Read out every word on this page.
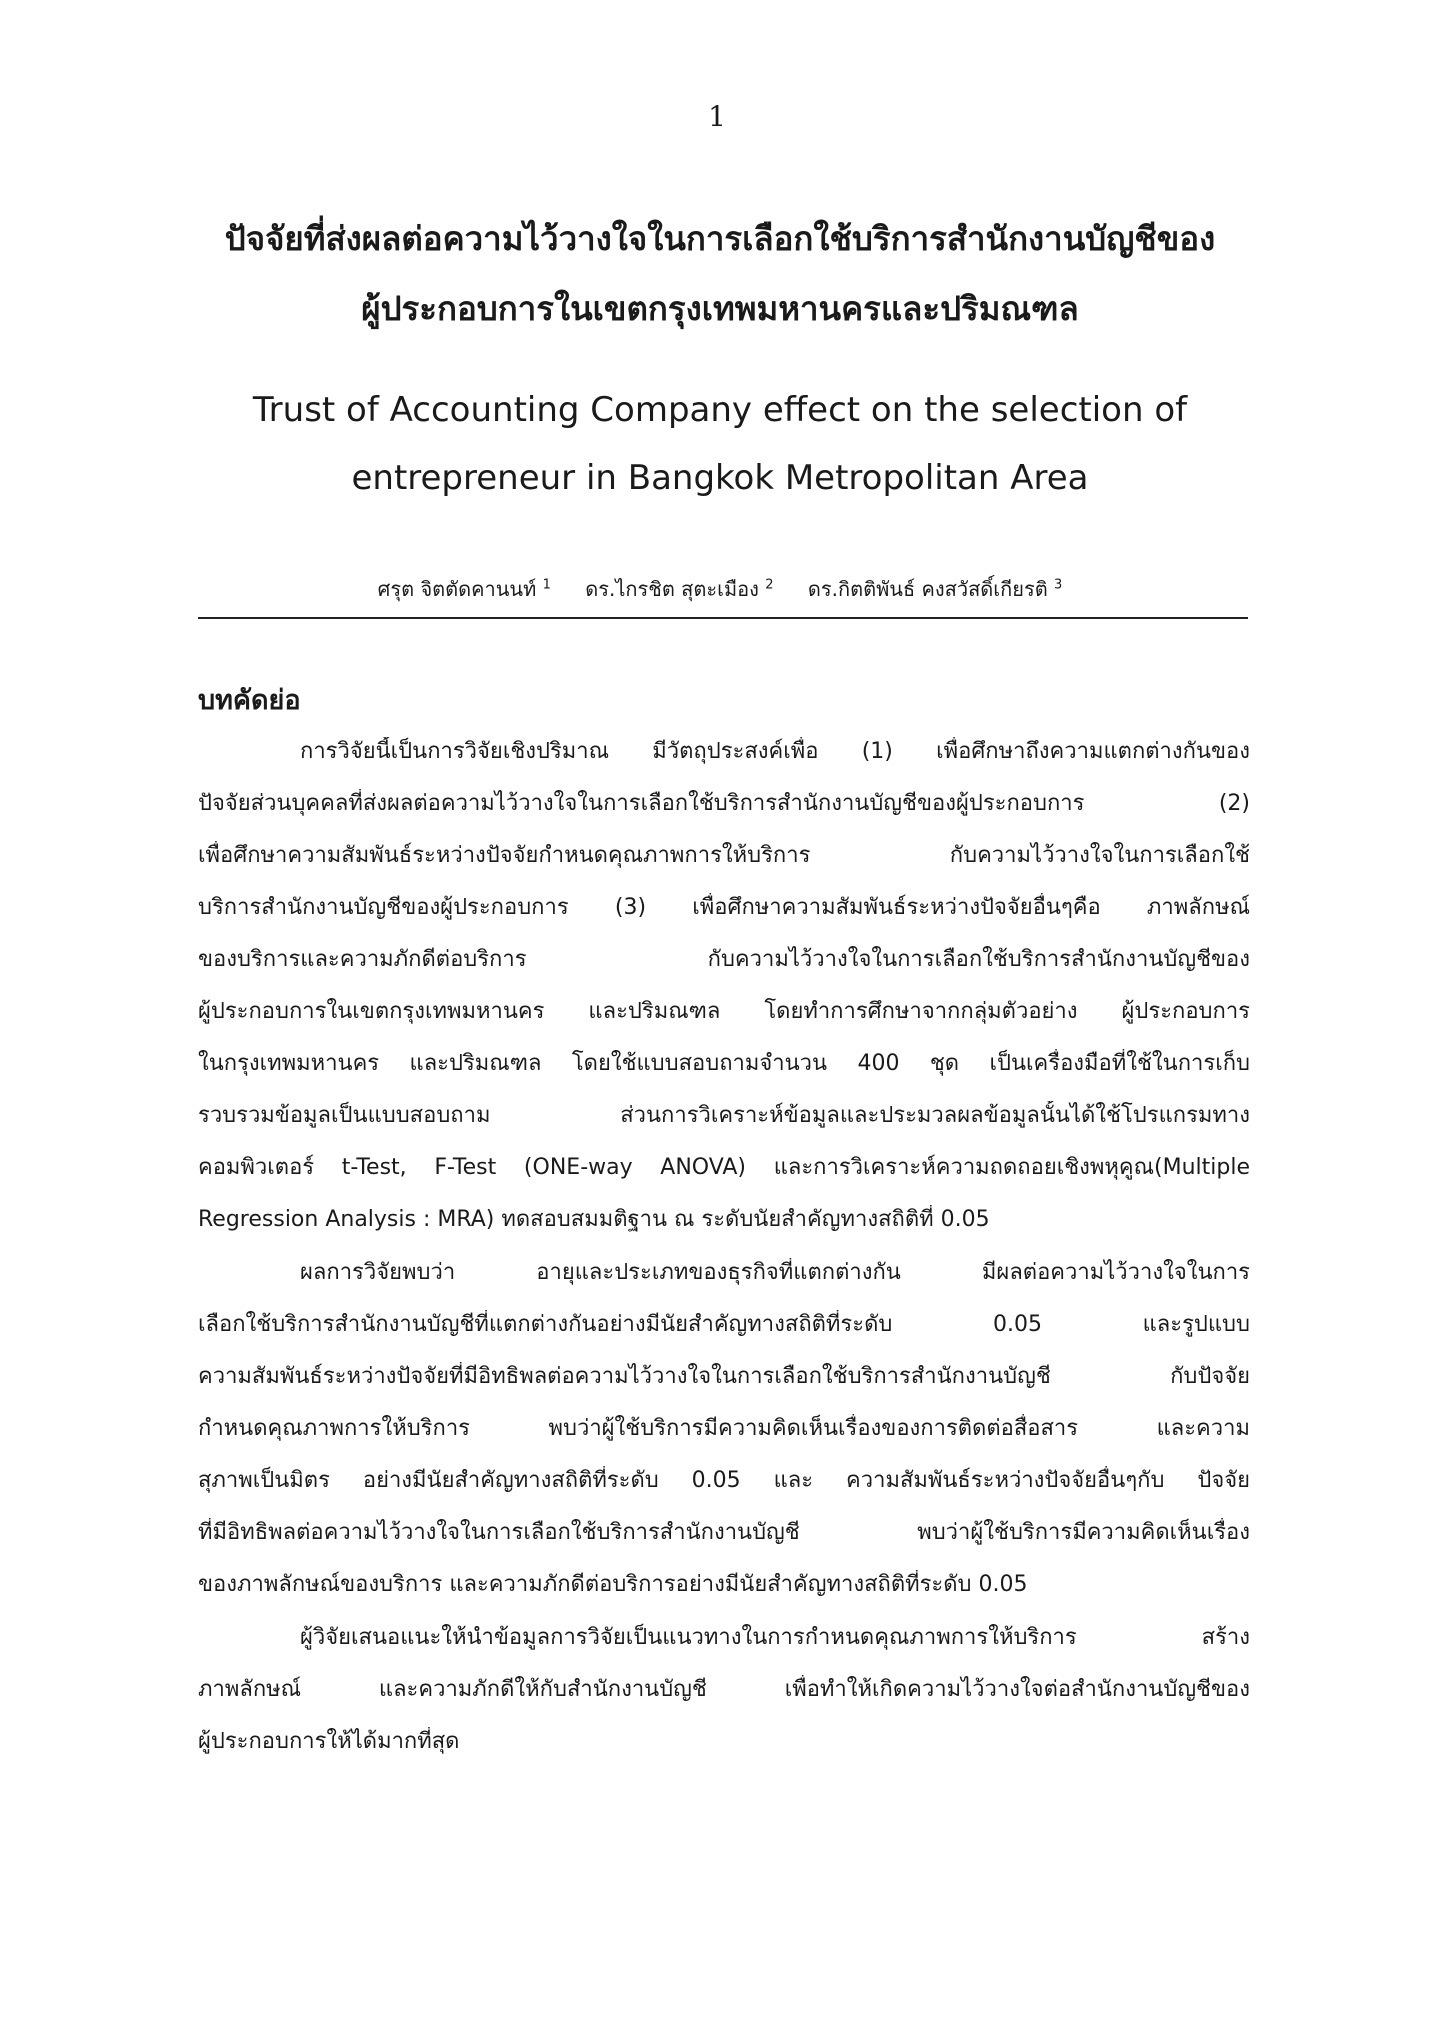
1
ปัจจัยที่ส่งผลต่อความไว้วางใจในการเลือกใช้บริการสำนักงานบัญชีของ
ผู้ประกอบการในเขตกรุงเทพมหานครและปริมณฑล
Trust of Accounting Company effect on the selection of
entrepreneur in Bangkok Metropolitan Area
ศรุต จิตตัดคานนท์ $^1$ ดร.ไกรชิต สุตะเมือง $^2$ ดร.กิตติพันธ์ คงสวัสดิ์เกียรติ $^3$
บทคัดย่อ
การวิจัยนี้เป็นการวิจัยเชิงปริมาณ มีวัตถุประสงค์เพื่อ (1) เพื่อศึกษาถึงความแตกต่างกันของ
ปัจจัยส่วนบุคคลที่ส่งผลต่อความไว้วางใจในการเลือกใช้บริการสำนักงานบัญชีของผู้ประกอบการ (2)
เพื่อศึกษาความสัมพันธ์ระหว่างปัจจัยกำหนดคุณภาพการให้บริการ กับความไว้วางใจในการเลือกใช้
บริการสำนักงานบัญชีของผู้ประกอบการ (3) เพื่อศึกษาความสัมพันธ์ระหว่างปัจจัยอื่นๆคือ ภาพลักษณ์
ของบริการและความภักดีต่อบริการ กับความไว้วางใจในการเลือกใช้บริการสำนักงานบัญชีของ
ผู้ประกอบการในเขตกรุงเทพมหานคร และปริมณฑล โดยทำการศึกษาจากกลุ่มตัวอย่าง ผู้ประกอบการ
ในกรุงเทพมหานคร และปริมณฑล โดยใช้แบบสอบถามจำนวน 400 ชุด เป็นเครื่องมือที่ใช้ในการเก็บ
รวบรวมข้อมูลเป็นแบบสอบถาม ส่วนการวิเคราะห์ข้อมูลและประมวลผลข้อมูลนั้นได้ใช้โปรแกรมทาง
คอมพิวเตอร์ t-Test, F-Test (ONE-way ANOVA) และการวิเคราะห์ความถดถอยเชิงพหุคูณ(Multiple
Regression Analysis : MRA) ทดสอบสมมติฐาน ณ ระดับนัยสำคัญทางสถิติที่ 0.05
ผลการวิจัยพบว่า อายุและประเภทของธุรกิจที่แตกต่างกัน มีผลต่อความไว้วางใจในการ
เลือกใช้บริการสำนักงานบัญชีที่แตกต่างกันอย่างมีนัยสำคัญทางสถิติที่ระดับ 0.05 และรูปแบบ
ความสัมพันธ์ระหว่างปัจจัยที่มีอิทธิพลต่อความไว้วางใจในการเลือกใช้บริการสำนักงานบัญชี กับปัจจัย
กำหนดคุณภาพการให้บริการ พบว่าผู้ใช้บริการมีความคิดเห็นเรื่องของการติดต่อสื่อสาร และความ
สุภาพเป็นมิตร อย่างมีนัยสำคัญทางสถิติที่ระดับ 0.05 และ ความสัมพันธ์ระหว่างปัจจัยอื่นๆกับ ปัจจัย
ที่มีอิทธิพลต่อความไว้วางใจในการเลือกใช้บริการสำนักงานบัญชี พบว่าผู้ใช้บริการมีความคิดเห็นเรื่อง
ของภาพลักษณ์ของบริการ และความภักดีต่อบริการอย่างมีนัยสำคัญทางสถิติที่ระดับ 0.05
ผู้วิจัยเสนอแนะให้นำข้อมูลการวิจัยเป็นแนวทางในการกำหนดคุณภาพการให้บริการ สร้าง
ภาพลักษณ์ และความภักดีให้กับสำนักงานบัญชี เพื่อทำให้เกิดความไว้วางใจต่อสำนักงานบัญชีของ
ผู้ประกอบการให้ได้มากที่สุด
